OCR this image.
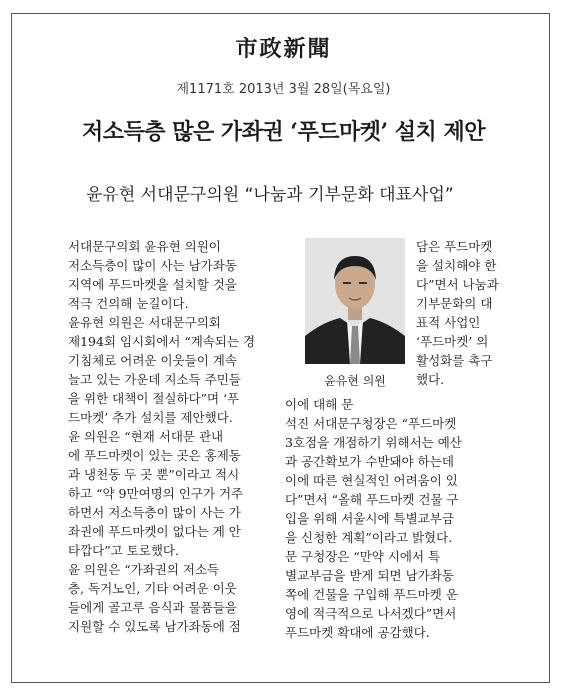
市政新聞
제1171호 2013년 3월 28일(목요일)
저소득층 많은 가좌권 ‘푸드마켓’ 설치 제안
윤유현 서대문구의원 “나눔과 기부문화 대표사업”
서대문구의회 윤유현 의원이
저소득층이 많이 사는 남가좌동
지역에 푸드마켓을 설치할 것을
적극 건의해 눈길이다.
윤유현 의원은 서대문구의회
제194회 임시회에서 “계속되는 경
기침체로 어려운 이웃들이 계속
늘고 있는 가운데 지소득 주민들
을 위한 대책이 절실하다”며 ‘푸
드마켓’ 추가 설치를 제안했다.
윤 의원은 “현재 서대문 관내
에 푸드마켓이 있는 곳은 홍제동
과 냉천동 두 곳 뿐”이라고 적시
하고 “약 9만여명의 인구가 거주
하면서 저소득층이 많이 사는 가
좌권에 푸드마켓이 없다는 게 안
타깝다”고 토로했다.
윤 의원은 “가좌권의 저소득
층, 독거노인, 기타 어려운 이웃
들에게 골고루 음식과 물품들을
지원할 수 있도록 남가좌동에 점
윤유현 의원
담은 푸드마켓
을 설치해야 한
다”면서 나눔과
기부문화의 대
표적 사업인
‘푸드마켓’ 의
활성화를 촉구
했다.
이에 대해 문
석진 서대문구청장은 “푸드마켓
3호점을 개점하기 위해서는 예산
과 공간확보가 수반돼야 하는데
이에 따른 현실적인 어려움이 있
다”면서 “올해 푸드마켓 건물 구
입을 위해 서울시에 특별교부금
을 신청한 계획”이라고 밝혔다.
문 구청장은 “만약 시에서 특
별교부금을 받게 되면 남가좌동
쪽에 건물을 구입해 푸드마켓 운
영에 적극적으로 나서겠다”면서
푸드마켓 확대에 공감했다.
